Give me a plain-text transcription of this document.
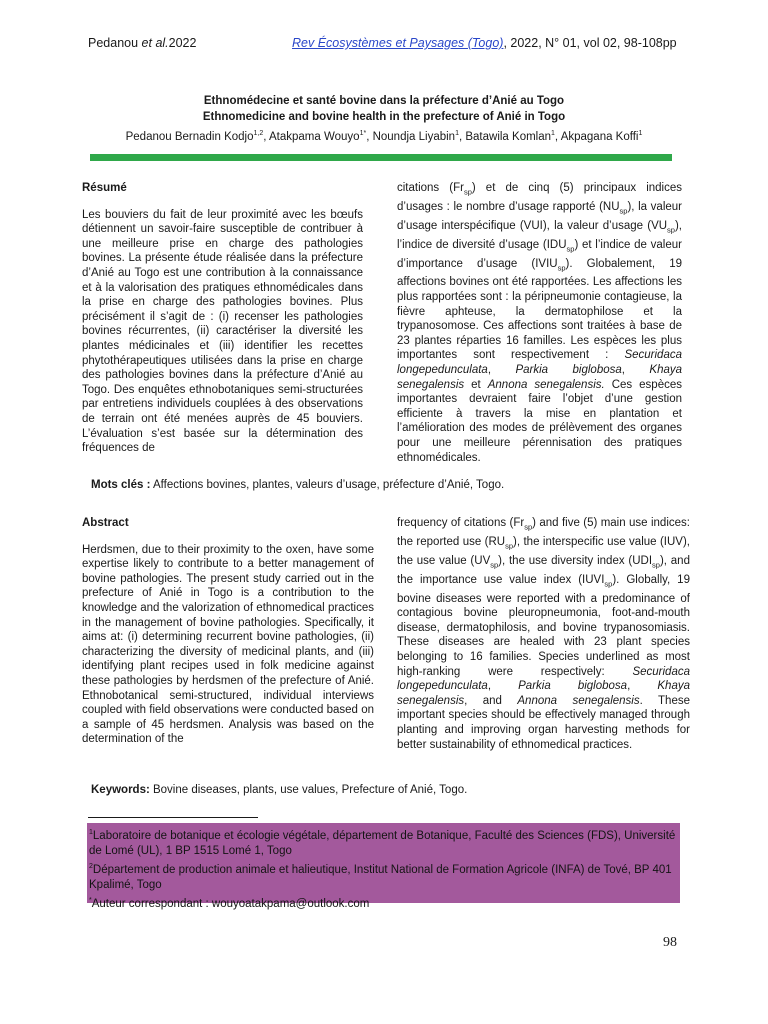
Pedanou et al.2022	Rev Écosystèmes et Paysages (Togo), 2022, N° 01, vol 02, 98-108pp
Ethnomédecine et santé bovine dans la préfecture d’Anié au Togo
Ethnomedicine and bovine health in the prefecture of Anié in Togo
Pedanou Bernadin Kodjo$^{1,2}$, Atakpama Wouyo$^{1*}$, Noundja Liyabin$^1$, Batawila Komlan$^1$, Akpagana Koffi$^1$
Résumé
Les bouviers du fait de leur proximité avec les bœufs détiennent un savoir-faire susceptible de contribuer à une meilleure prise en charge des pathologies bovines. La présente étude réalisée dans la préfecture d’Anié au Togo est une contribution à la connaissance et à la valorisation des pratiques ethnomédicales dans la prise en charge des pathologies bovines. Plus précisément il s’agit de : (i) recenser les pathologies bovines récurrentes, (ii) caractériser la diversité les plantes médicinales et (iii) identifier les recettes phytothérapeutiques utilisées dans la prise en charge des pathologies bovines dans la préfecture d’Anié au Togo. Des enquêtes ethnobotaniques semi-structurées par entretiens individuels couplées à des observations de terrain ont été menées auprès de 45 bouviers. L’évaluation s’est basée sur la détermination des fréquences de
citations $(Fr_{sp})$ et de cinq (5) principaux indices d’usages : le nombre d’usage rapporté $(NU_{sp})$, la valeur d’usage interspécifique (VUI), la valeur d’usage $(VU_{sp})$, l’indice de diversité d’usage $(IDU_{sp})$ et l’indice de valeur d’importance d’usage $(IVIU_{sp})$. Globalement, 19 affections bovines ont été rapportées. Les affections les plus rapportées sont : la péripneumonie contagieuse, la fièvre aphteuse, la dermatophilose et la trypanosomose. Ces affections sont traitées à base de 23 plantes réparties 16 familles. Les espèces les plus importantes sont respectivement : Securidaca longepedunculata, Parkia biglobosa, Khaya senegalensis et Annona senegalensis. Ces espèces importantes devraient faire l’objet d’une gestion efficiente à travers la mise en plantation et l’amélioration des modes de prélèvement des organes pour une meilleure pérennisation des pratiques ethnomédicales.
Mots clés : Affections bovines, plantes, valeurs d’usage, préfecture d’Anié, Togo.
Abstract
Herdsmen, due to their proximity to the oxen, have some expertise likely to contribute to a better management of bovine pathologies. The present study carried out in the prefecture of Anié in Togo is a contribution to the knowledge and the valorization of ethnomedical practices in the management of bovine pathologies. Specifically, it aims at: (i) determining recurrent bovine pathologies, (ii) characterizing the diversity of medicinal plants, and (iii) identifying plant recipes used in folk medicine against these pathologies by herdsmen of the prefecture of Anié. Ethnobotanical semi-structured, individual interviews coupled with field observations were conducted based on a sample of 45 herdsmen. Analysis was based on the determination of the
frequency of citations $(Fr_{sp})$ and five (5) main use indices: the reported use $(RU_{sp})$, the interspecific use value (IUV), the use value $(UV_{sp})$, the use diversity index $(UDI_{sp})$, and the importance use value index $(IUVI_{sp})$. Globally, 19 bovine diseases were reported with a predominance of contagious bovine pleuropneumonia, foot-and-mouth disease, dermatophilosis, and bovine trypanosomiasis. These diseases are healed with 23 plant species belonging to 16 families. Species underlined as most high-ranking were respectively: Securidaca longepedunculata, Parkia biglobosa, Khaya senegalensis, and Annona senegalensis. These important species should be effectively managed through planting and improving organ harvesting methods for better sustainability of ethnomedical practices.
Keywords: Bovine diseases, plants, use values, Prefecture of Anié, Togo.
$^1$Laboratoire de botanique et écologie végétale, département de Botanique, Faculté des Sciences (FDS), Université de Lomé (UL), 1 BP 1515 Lomé 1, Togo
$^2$Département de production animale et halieutique, Institut National de Formation Agricole (INFA) de Tové, BP 401 Kpalimé, Togo
*Auteur correspondant : wouyoatakpama@outlook.com
98
